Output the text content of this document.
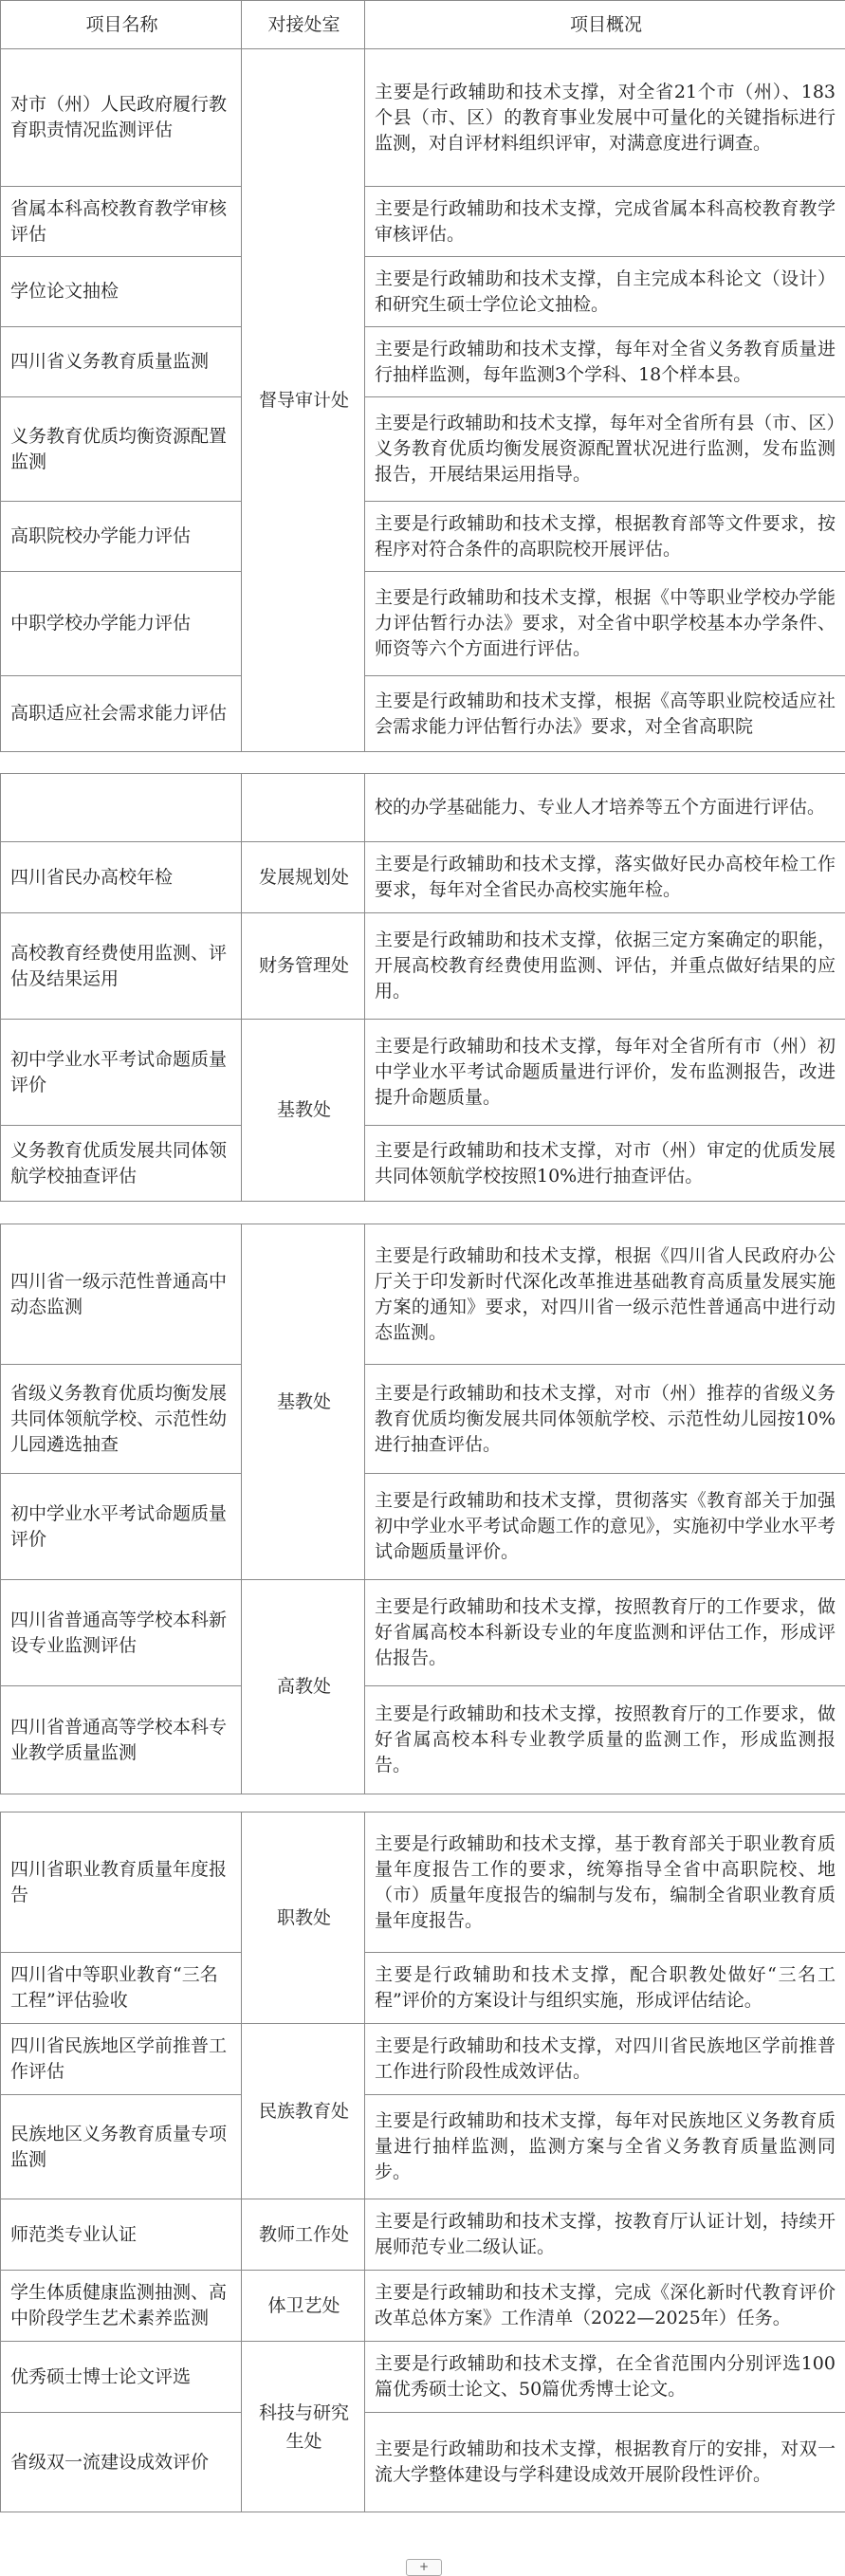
项目名称	对接处室	项目概况
对市（州）人民政府履行教育职责情况监测评估	督导审计处	主要是行政辅助和技术支撑，对全省21个市（州）、183个县（市、区）的教育事业发展中可量化的关键指标进行监测，对自评材料组织评审，对满意度进行调查。
省属本科高校教育教学审核评估		主要是行政辅助和技术支撑，完成省属本科高校教育教学审核评估。
学位论文抽检		主要是行政辅助和技术支撑，自主完成本科论文（设计）和研究生硕士学位论文抽检。
四川省义务教育质量监测		主要是行政辅助和技术支撑，每年对全省义务教育质量进行抽样监测，每年监测3个学科、18个样本县。
义务教育优质均衡资源配置监测		主要是行政辅助和技术支撑，每年对全省所有县（市、区）义务教育优质均衡发展资源配置状况进行监测，发布监测报告，开展结果运用指导。
高职院校办学能力评估		主要是行政辅助和技术支撑，根据教育部等文件要求，按程序对符合条件的高职院校开展评估。
中职学校办学能力评估		主要是行政辅助和技术支撑，根据《中等职业学校办学能力评估暂行办法》要求，对全省中职学校基本办学条件、师资等六个方面进行评估。
高职适应社会需求能力评估		主要是行政辅助和技术支撑，根据《高等职业院校适应社会需求能力评估暂行办法》要求，对全省高职院
		校的办学基础能力、专业人才培养等五个方面进行评估。
四川省民办高校年检	发展规划处	主要是行政辅助和技术支撑，落实做好民办高校年检工作要求，每年对全省民办高校实施年检。
高校教育经费使用监测、评估及结果运用	财务管理处	主要是行政辅助和技术支撑，依据三定方案确定的职能，开展高校教育经费使用监测、评估，并重点做好结果的应用。
初中学业水平考试命题质量评价	基教处	主要是行政辅助和技术支撑，每年对全省所有市（州）初中学业水平考试命题质量进行评价，发布监测报告，改进提升命题质量。
义务教育优质发展共同体领航学校抽查评估		主要是行政辅助和技术支撑，对市（州）审定的优质发展共同体领航学校按照10%进行抽查评估。
四川省一级示范性普通高中动态监测	基教处	主要是行政辅助和技术支撑，根据《四川省人民政府办公厅关于印发新时代深化改革推进基础教育高质量发展实施方案的通知》要求，对四川省一级示范性普通高中进行动态监测。
省级义务教育优质均衡发展共同体领航学校、示范性幼儿园遴选抽查		主要是行政辅助和技术支撑，对市（州）推荐的省级义务教育优质均衡发展共同体领航学校、示范性幼儿园按10%进行抽查评估。
初中学业水平考试命题质量评价		主要是行政辅助和技术支撑，贯彻落实《教育部关于加强初中学业水平考试命题工作的意见》，实施初中学业水平考试命题质量评价。
四川省普通高等学校本科新设专业监测评估	高教处	主要是行政辅助和技术支撑，按照教育厅的工作要求，做好省属高校本科新设专业的年度监测和评估工作，形成评估报告。
四川省普通高等学校本科专业教学质量监测		主要是行政辅助和技术支撑，按照教育厅的工作要求，做好省属高校本科专业教学质量的监测工作，形成监测报告。
四川省职业教育质量年度报告	职教处	主要是行政辅助和技术支撑，基于教育部关于职业教育质量年度报告工作的要求，统筹指导全省中高职院校、地（市）质量年度报告的编制与发布，编制全省职业教育质量年度报告。
四川省中等职业教育“三名工程”评估验收		主要是行政辅助和技术支撑，配合职教处做好“三名工程”评价的方案设计与组织实施，形成评估结论。
四川省民族地区学前推普工作评估	民族教育处	主要是行政辅助和技术支撑，对四川省民族地区学前推普工作进行阶段性成效评估。
民族地区义务教育质量专项监测		主要是行政辅助和技术支撑，每年对民族地区义务教育质量进行抽样监测，监测方案与全省义务教育质量监测同步。
师范类专业认证	教师工作处	主要是行政辅助和技术支撑，按教育厅认证计划，持续开展师范专业二级认证。
学生体质健康监测抽测、高中阶段学生艺术素养监测	体卫艺处	主要是行政辅助和技术支撑，完成《深化新时代教育评价改革总体方案》工作清单（2022—2025年）任务。
优秀硕士博士论文评选	科技与研究生处	主要是行政辅助和技术支撑，在全省范围内分别评选100篇优秀硕士论文、50篇优秀博士论文。
省级双一流建设成效评价		主要是行政辅助和技术支撑，根据教育厅的安排，对双一流大学整体建设与学科建设成效开展阶段性评价。
+
